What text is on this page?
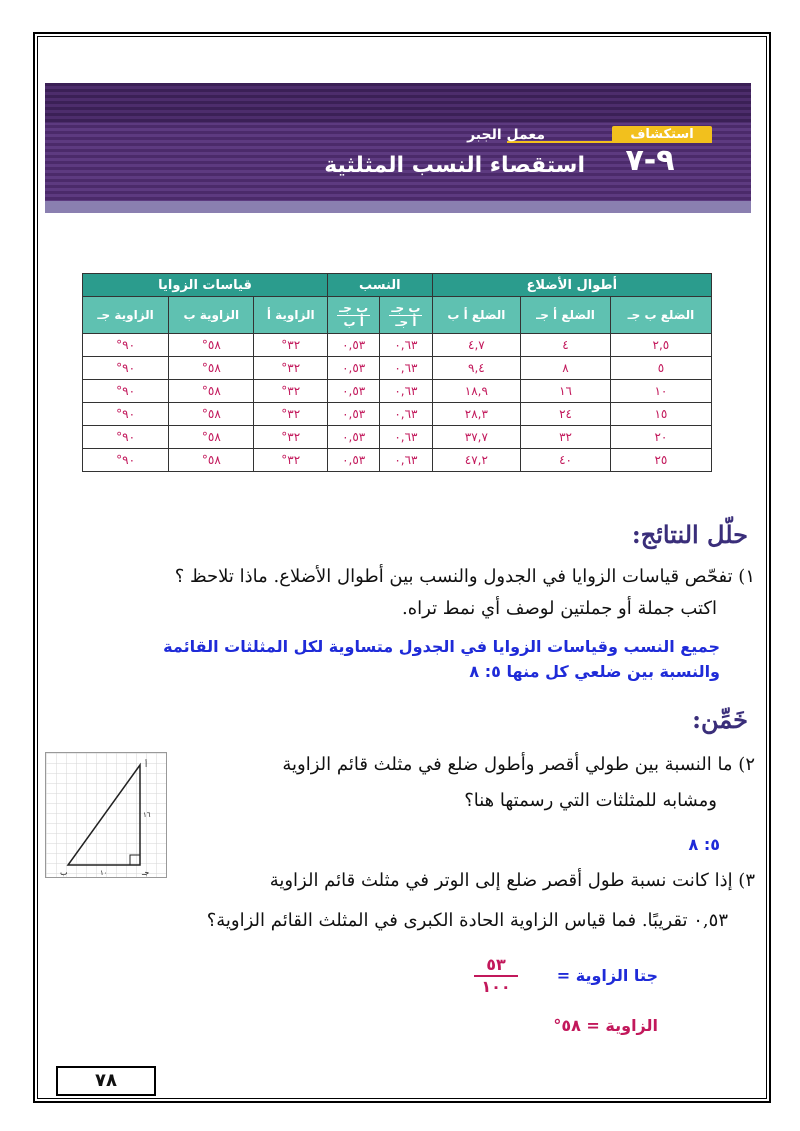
استكشاف
معمل الجبر
٩-٧
استقصاء النسب المثلثية
أطوال الأضلاع			النسب		قياسات الزوايا		
الضلع ب جـ	الضلع أ جـ	الضلع أ ب	$\frac{\text{ب جـ}}{\text{أ جـ}}$	$\frac{\text{ب جـ}}{\text{أ ب}}$	الزاوية أ	الزاوية ب	الزاوية جـ
٢,٥	٤	٤,٧	٠,٦٣	٠,٥٣	٣٢°	٥٨°	٩٠°
٥	٨	٩,٤	٠,٦٣	٠,٥٣	٣٢°	٥٨°	٩٠°
١٠	١٦	١٨,٩	٠,٦٣	٠,٥٣	٣٢°	٥٨°	٩٠°
١٥	٢٤	٢٨,٣	٠,٦٣	٠,٥٣	٣٢°	٥٨°	٩٠°
٢٠	٣٢	٣٧,٧	٠,٦٣	٠,٥٣	٣٢°	٥٨°	٩٠°
٢٥	٤٠	٤٧,٢	٠,٦٣	٠,٥٣	٣٢°	٥٨°	٩٠°
حلّل النتائج:
١) تفحّص قياسات الزوايا في الجدول والنسب بين أطوال الأضلاع. ماذا تلاحظ ؟
اكتب جملة أو جملتين لوصف أي نمط تراه.
جميع النسب وقياسات الزوايا في الجدول متساوية لكل المثلثات القائمة
والنسبة بين ضلعي كل منها ٥: ٨
خَمِّن:
٢) ما النسبة بين طولي أقصر وأطول ضلع في مثلث قائم الزاوية
ومشابه للمثلثات التي رسمتها هنا؟
٥: ٨
٣) إذا كانت نسبة طول أقصر ضلع إلى الوتر في مثلث قائم الزاوية
٠,٥٣ تقريبًا. فما قياس الزاوية الحادة الكبرى في المثلث القائم الزاوية؟
جتا الزاوية =
٥٣
١٠٠
الزاوية = ٥٨°
أ
ب	جـ
١٦
١٠
٧٨
